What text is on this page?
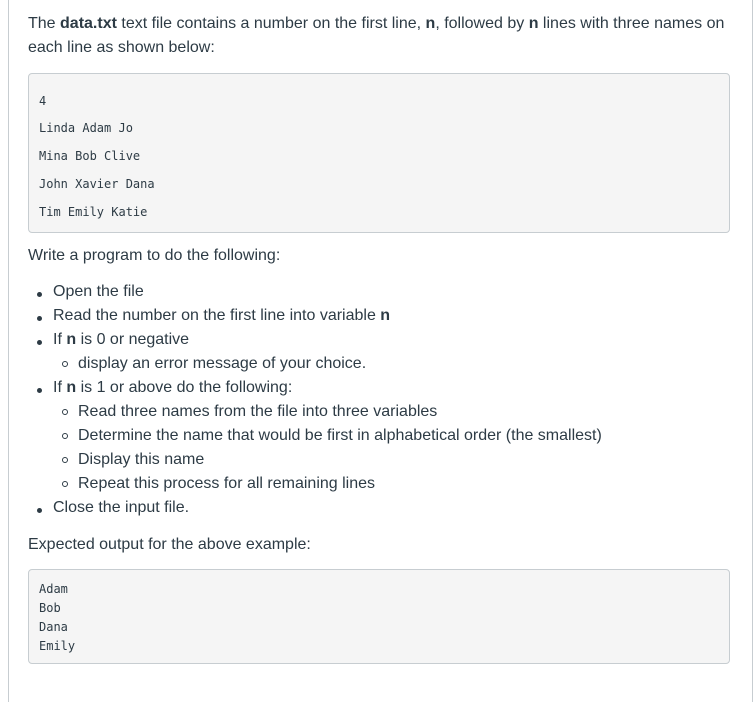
The data.txt text file contains a number on the first line, n, followed by n lines with three names on each line as shown below:

4
Linda Adam Jo
Mina Bob Clive
John Xavier Dana
Tim Emily Katie

Write a program to do the following:

Open the file
Read the number on the first line into variable n
If n is 0 or negative
display an error message of your choice.
If n is 1 or above do the following:
Read three names from the file into three variables
Determine the name that would be first in alphabetical order (the smallest)
Display this name
Repeat this process for all remaining lines
Close the input file.

Expected output for the above example:

Adam
Bob
Dana
Emily
